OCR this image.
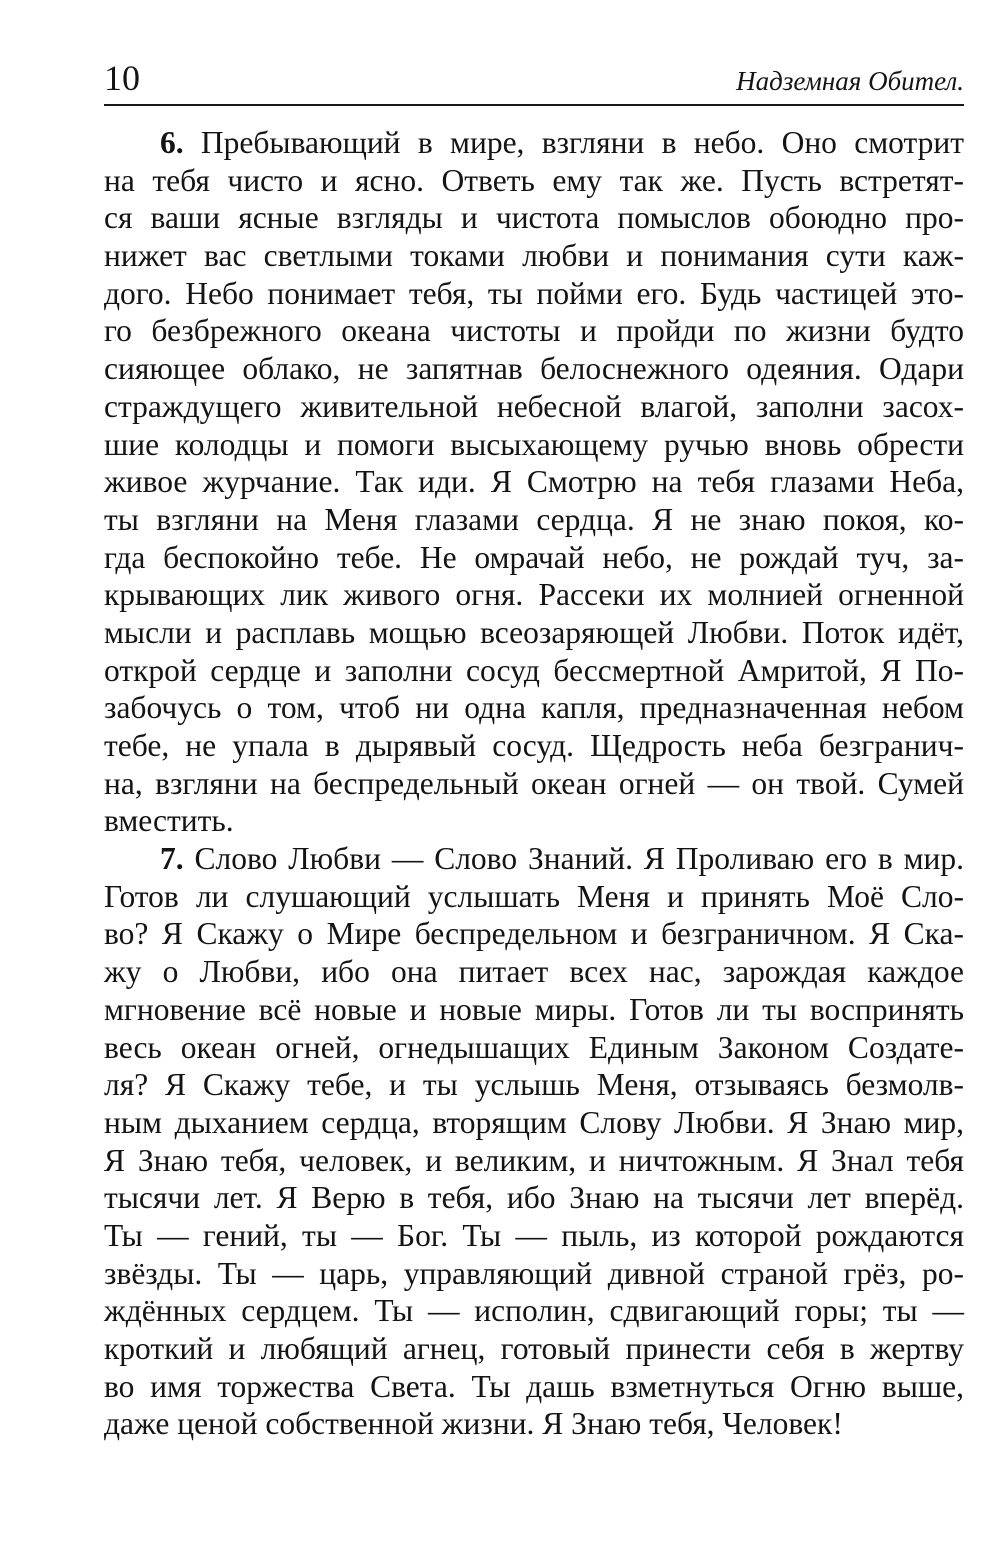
10	Надземная Обител.
6. Пребывающий в мире, взгляни в небо. Оно смотрит
на тебя чисто и ясно. Ответь ему так же. Пусть встретят-
ся ваши ясные взгляды и чистота помыслов обоюдно про-
нижет вас светлыми токами любви и понимания сути каж-
дого. Небо понимает тебя, ты пойми его. Будь частицей это-
го безбрежного океана чистоты и пройди по жизни будто
сияющее облако, не запятнав белоснежного одеяния. Одари
страждущего живительной небесной влагой, заполни засох-
шие колодцы и помоги высыхающему ручью вновь обрести
живое журчание. Так иди. Я Смотрю на тебя глазами Неба,
ты взгляни на Меня глазами сердца. Я не знаю покоя, ко-
гда беспокойно тебе. Не омрачай небо, не рождай туч, за-
крывающих лик живого огня. Рассеки их молнией огненной
мысли и расплавь мощью всеозаряющей Любви. Поток идёт,
открой сердце и заполни сосуд бессмертной Амритой, Я По-
забочусь о том, чтоб ни одна капля, предназначенная небом
тебе, не упала в дырявый сосуд. Щедрость неба безгранич-
на, взгляни на беспредельный океан огней — он твой. Сумей
вместить.
7. Слово Любви — Слово Знаний. Я Проливаю его в мир.
Готов ли слушающий услышать Меня и принять Моё Сло-
во? Я Скажу о Мире беспредельном и безграничном. Я Ска-
жу о Любви, ибо она питает всех нас, зарождая каждое
мгновение всё новые и новые миры. Готов ли ты воспринять
весь океан огней, огнедышащих Единым Законом Создате-
ля? Я Скажу тебе, и ты услышь Меня, отзываясь безмолв-
ным дыханием сердца, вторящим Слову Любви. Я Знаю мир,
Я Знаю тебя, человек, и великим, и ничтожным. Я Знал тебя
тысячи лет. Я Верю в тебя, ибо Знаю на тысячи лет вперёд.
Ты — гений, ты — Бог. Ты — пыль, из которой рождаются
звёзды. Ты — царь, управляющий дивной страной грёз, ро-
ждённых сердцем. Ты — исполин, сдвигающий горы; ты —
кроткий и любящий агнец, готовый принести себя в жертву
во имя торжества Света. Ты дашь взметнуться Огню выше,
даже ценой собственной жизни. Я Знаю тебя, Человек!
